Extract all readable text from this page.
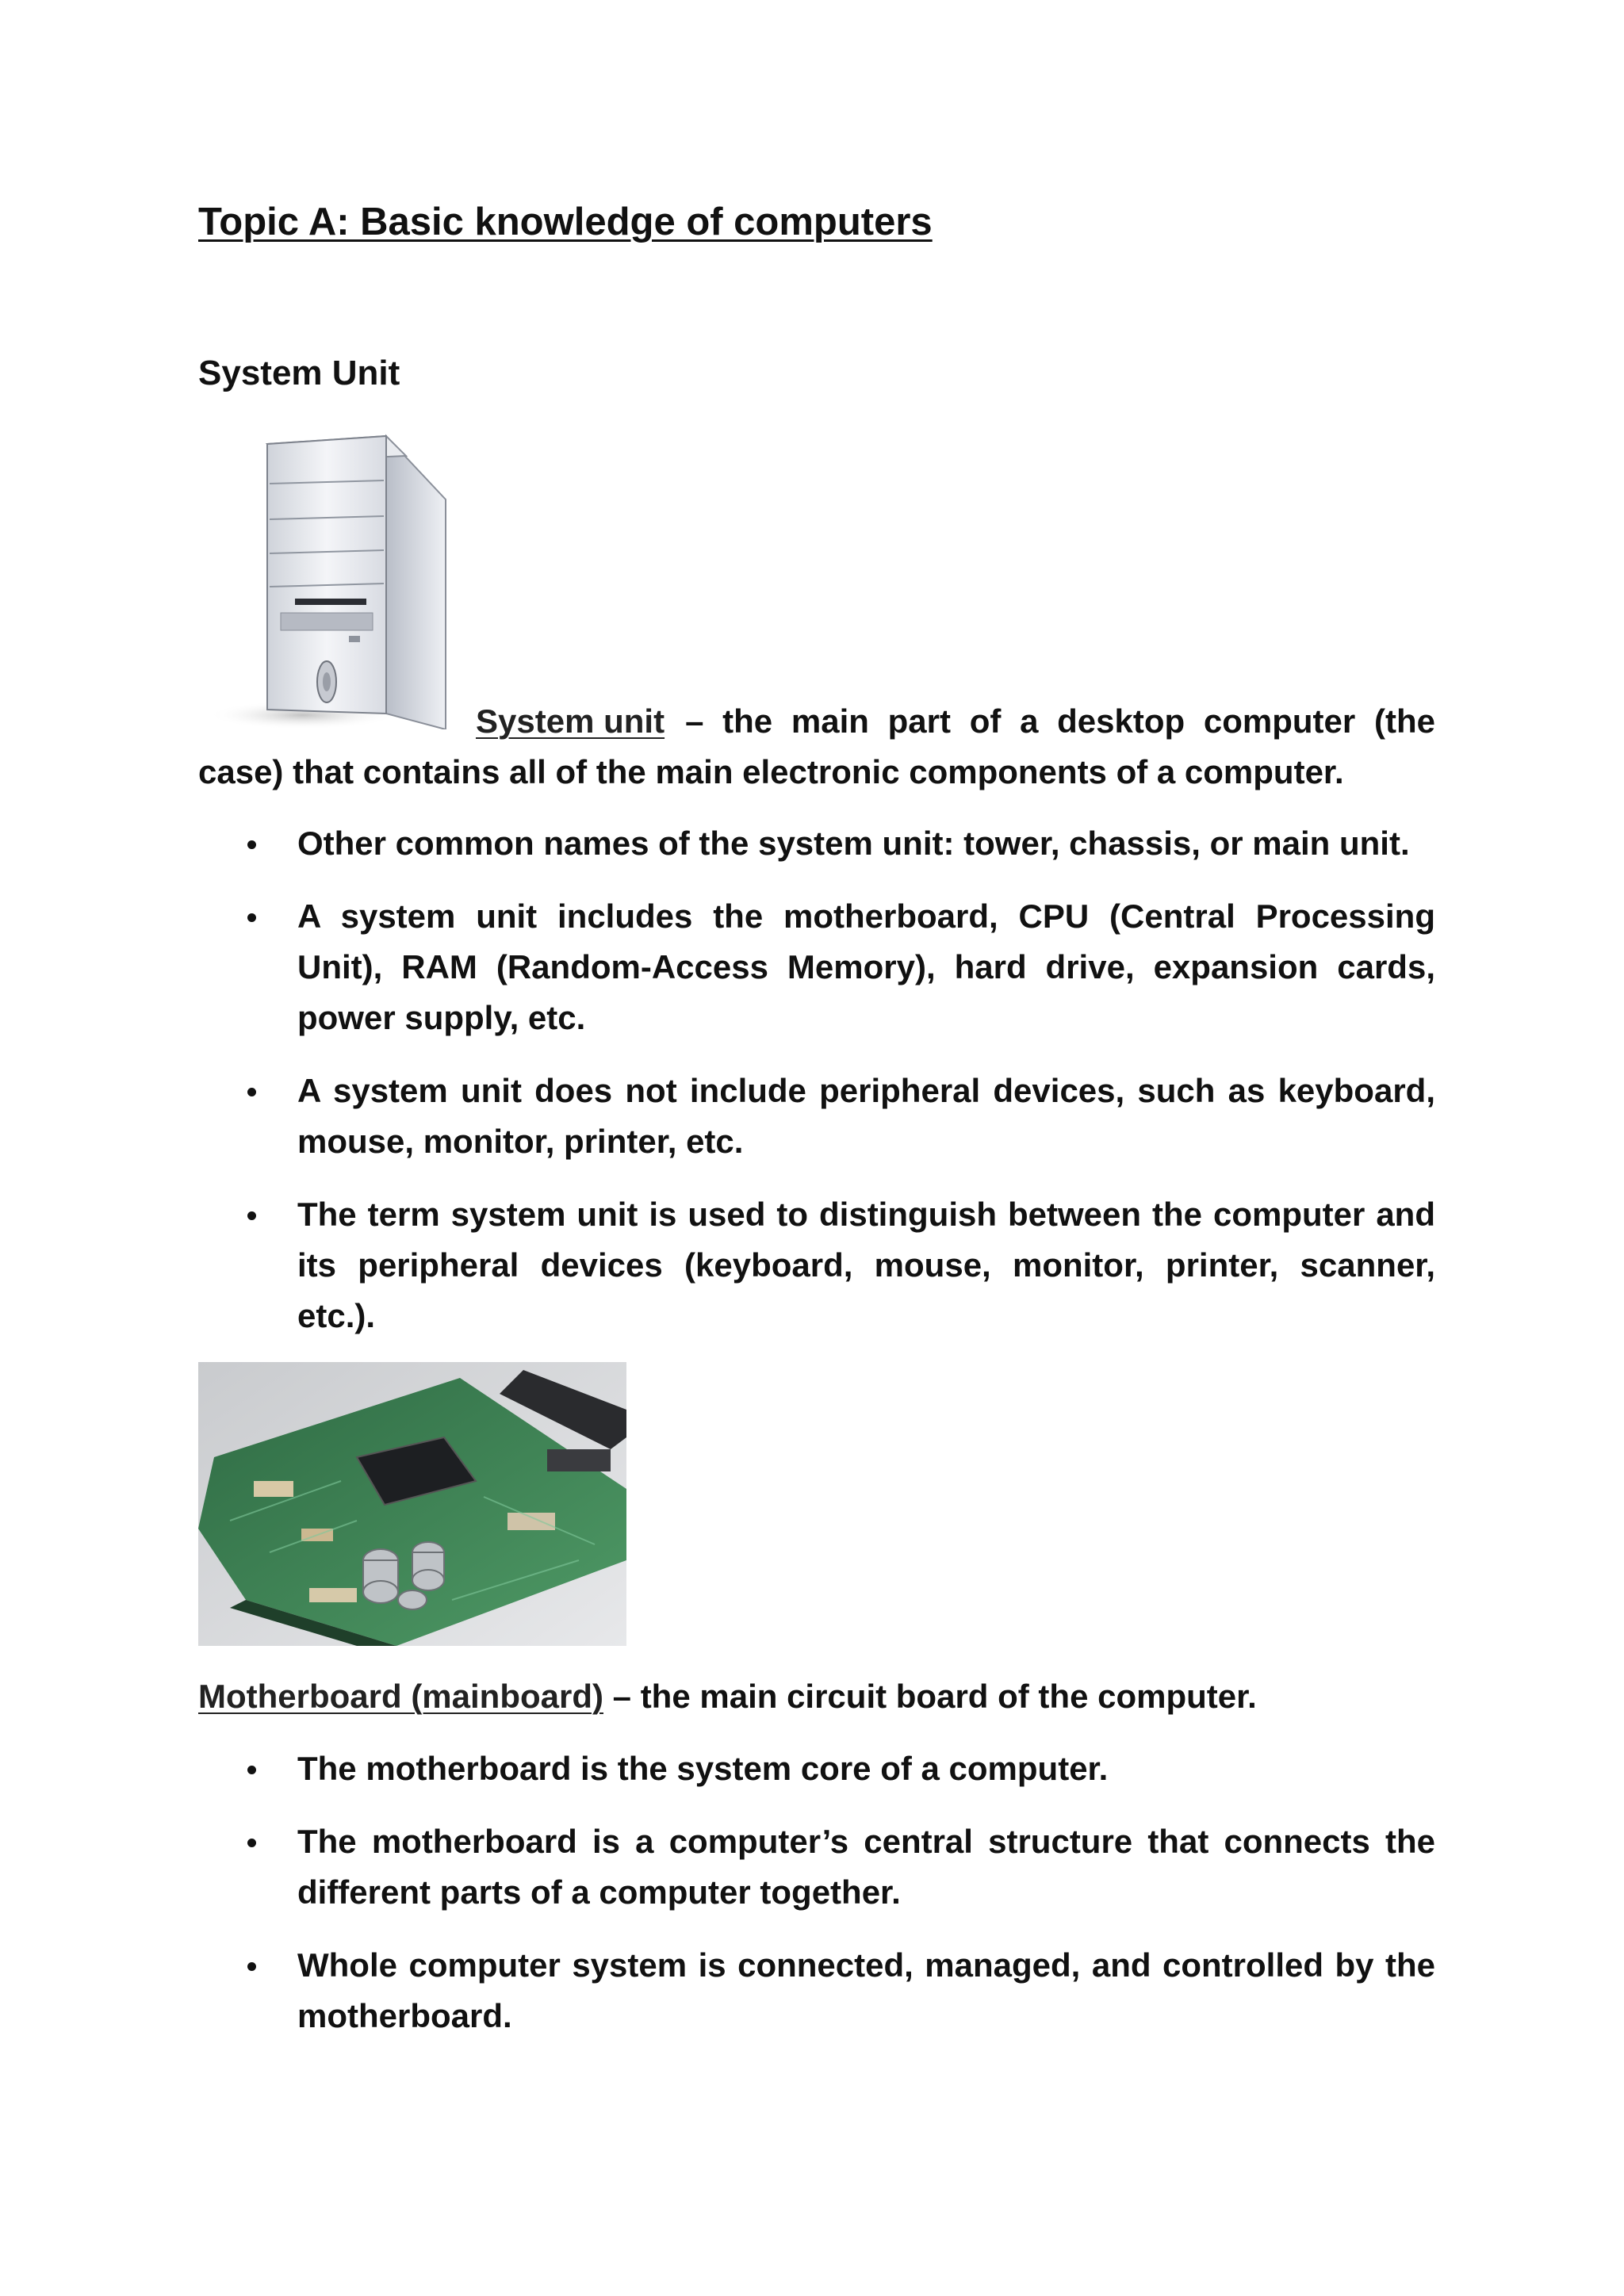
Topic A: Basic knowledge of computers
System Unit
System unit – the main part of a desktop computer (the
case) that contains all of the main electronic components of a computer.
Other common names of the system unit: tower, chassis, or main unit.
A system unit includes the motherboard, CPU (Central Processing Unit), RAM (Random-Access Memory), hard drive, expansion cards, power supply, etc.
A system unit does not include peripheral devices, such as keyboard, mouse, monitor, printer, etc.
The term system unit is used to distinguish between the computer and its peripheral devices (keyboard, mouse, monitor, printer, scanner, etc.).
Motherboard (mainboard) – the main circuit board of the computer.
The motherboard is the system core of a computer.
The motherboard is a computer’s central structure that connects the different parts of a computer together.
Whole computer system is connected, managed, and controlled by the motherboard.
